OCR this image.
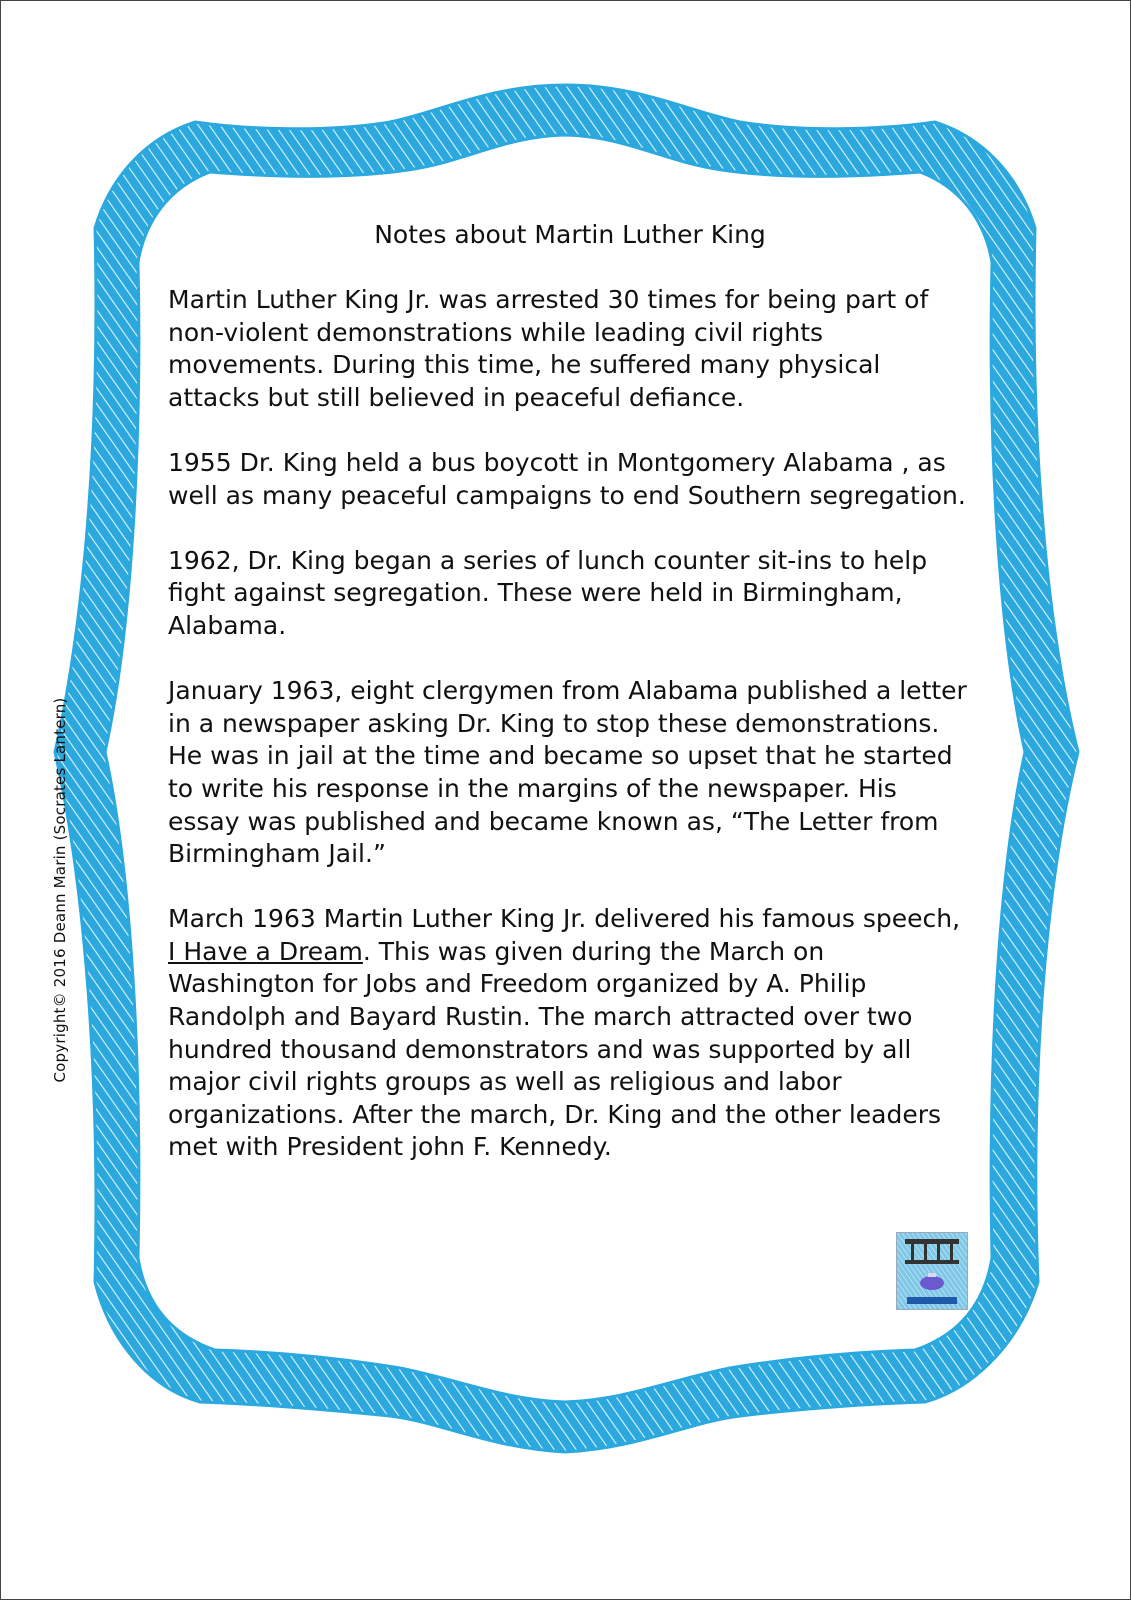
Copyright© 2016 Deann Marin (Socrates Lantern)
Notes about Martin Luther King

Martin Luther King Jr. was arrested 30 times for being part of non-violent demonstrations while leading civil rights movements. During this time, he suffered many physical attacks but still believed in peaceful defiance.

1955 Dr. King held a bus boycott in Montgomery Alabama , as well as many peaceful campaigns to end Southern segregation.

1962, Dr. King began a series of lunch counter sit-ins to help fight against segregation. These were held in Birmingham, Alabama.

January 1963, eight clergymen from Alabama published a letter in a newspaper asking Dr. King to stop these demonstrations. He was in jail at the time and became so upset that he started to write his response in the margins of the newspaper. His essay was published and became known as, “The Letter from Birmingham Jail.”

March 1963 Martin Luther King Jr. delivered his famous speech, I Have a Dream. This was given during the March on Washington for Jobs and Freedom organized by A. Philip Randolph and Bayard Rustin. The march attracted over two hundred thousand demonstrators and was supported by all major civil rights groups as well as religious and labor organizations. After the march, Dr. King and the other leaders met with President john F. Kennedy.
